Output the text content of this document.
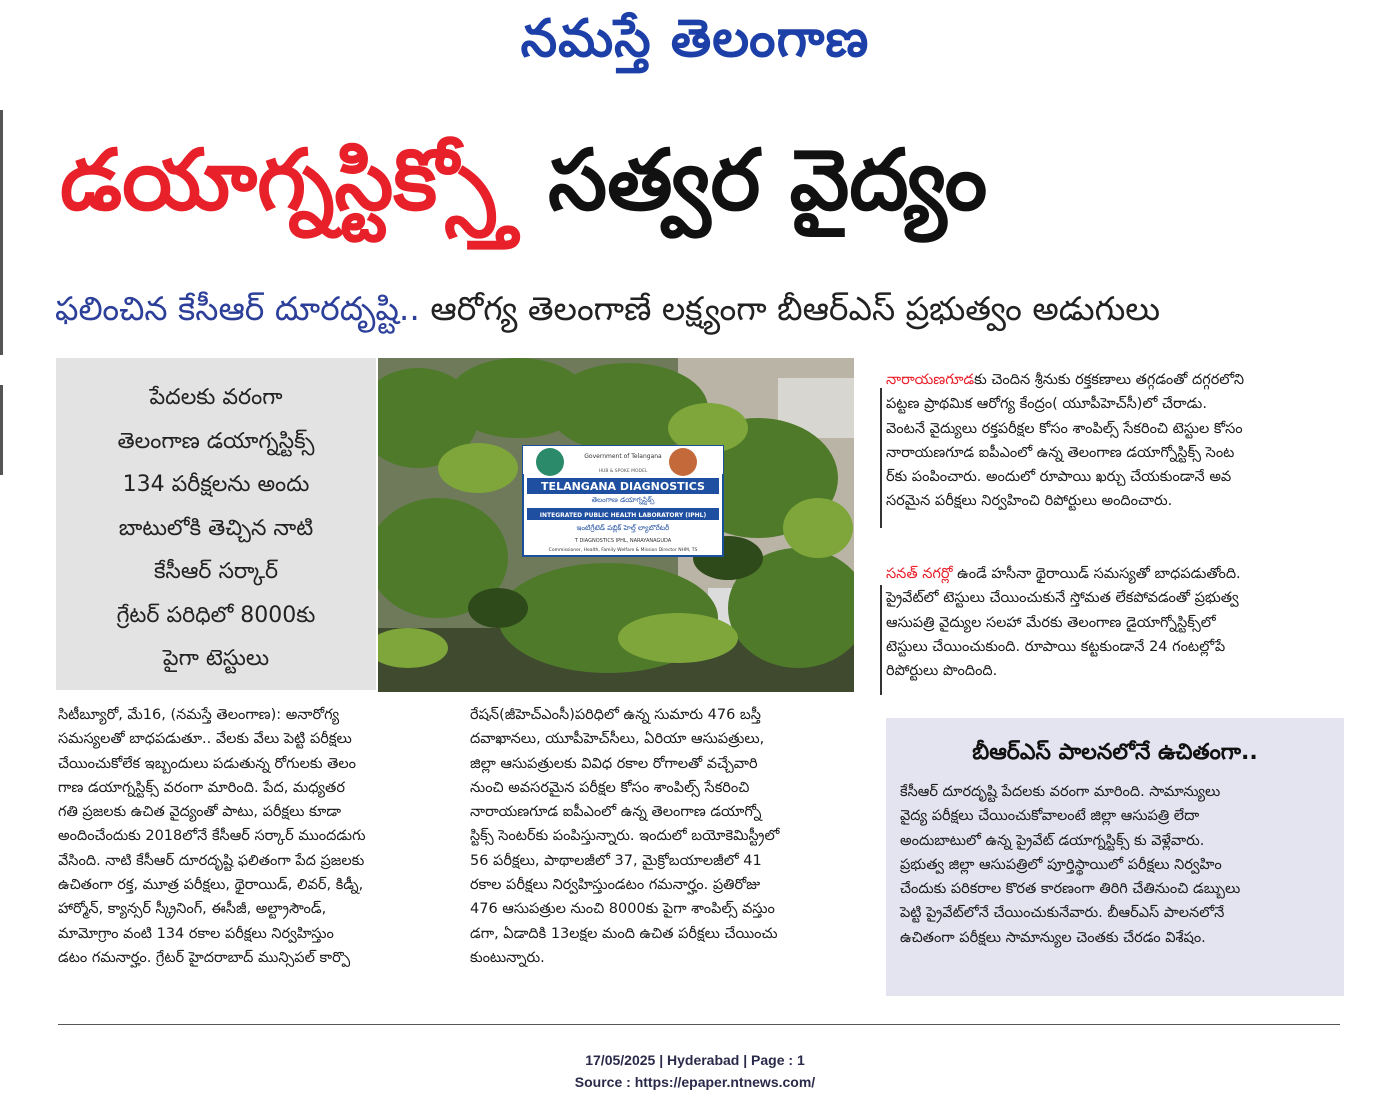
నమస్తే తెలంగాణ
డయాగ్నస్టిక్స్తో సత్వర వైద్యం
ఫలించిన కేసీఆర్ దూరదృష్టి.. ఆరోగ్య తెలంగాణే లక్ష్యంగా బీఆర్ఎస్ ప్రభుత్వం అడుగులు

పేదలకు వరంగా

తెలంగాణ డయాగ్నస్టిక్స్

134 పరీక్షలను అందు

బాటులోకి తెచ్చిన నాటి

కేసీఆర్ సర్కార్

గ్రేటర్ పరిధిలో 8000కు

పైగా టెస్టులు

Government of Telangana
TELANGANA DIAGNOSTICS
తెలంగాణ డయాగ్నస్టిక్స్
INTEGRATED PUBLIC HEALTH LABORATORY (IPHL)
ఇంటిగ్రేటెడ్ పబ్లిక్ హెల్త్ ల్యాబొరేటరీ
T DIAGNOSTICS IPHL, NARAYANAGUDA
Commissioner, Health, Family Welfare & Mission Director NHM, TS
HUB & SPOKE MODEL

సిటీబ్యూరో, మే16, (నమస్తే తెలంగాణ): అనారోగ్య

సమస్యలతో బాధపడుతూ.. వేలకు వేలు పెట్టి పరీక్షలు

చేయించుకోలేక ఇబ్బందులు పడుతున్న రోగులకు తెలం

గాణ డయాగ్నస్టిక్స్ వరంగా మారింది. పేద, మధ్యతర

గతి ప్రజలకు ఉచిత వైద్యంతో పాటు, పరీక్షలు కూడా

అందించేందుకు 2018లోనే కేసీఆర్ సర్కార్ ముందడుగు

వేసింది. నాటి కేసీఆర్ దూరదృష్టి ఫలితంగా పేద ప్రజలకు

ఉచితంగా రక్త, మూత్ర పరీక్షలు, థైరాయిడ్, లివర్, కిడ్నీ,

హార్మోన్, క్యాన్సర్ స్క్రీనింగ్, ఈసీజీ, అల్ట్రాసౌండ్,

మామోగ్రాం వంటి 134 రకాల పరీక్షలు నిర్వహిస్తుం

డటం గమనార్హం. గ్రేటర్ హైదరాబాద్ మున్సిపల్ కార్పొ

రేషన్(జీహెచ్ఎంసీ)పరిధిలో ఉన్న సుమారు 476 బస్తీ

దవాఖానలు, యూపీహెచ్‌సీలు, ఏరియా ఆసుపత్రులు,

జిల్లా ఆసుపత్రులకు వివిధ రకాల రోగాలతో వచ్చేవారి

నుంచి అవసరమైన పరీక్షల కోసం శాంపిల్స్ సేకరించి

నారాయణగూడ ఐపీఎంలో ఉన్న తెలంగాణ డయాగ్నో

స్టిక్స్ సెంటర్‌కు పంపిస్తున్నారు. ఇందులో బయోకెమిస్ట్రీలో

56 పరీక్షలు, పాథాలజీలో 37, మైక్రోబయాలజీలో 41

రకాల పరీక్షలు నిర్వహిస్తుండటం గమనార్హం. ప్రతిరోజు

476 ఆసుపత్రుల నుంచి 8000కు పైగా శాంపిల్స్ వస్తుం

డగా, ఏడాదికి 13లక్షల మంది ఉచిత పరీక్షలు చేయించు

కుంటున్నారు.

నారాయణగూడకు చెందిన శ్రీనుకు రక్తకణాలు తగ్గడంతో దగ్గరలోని

పట్టణ ప్రాథమిక ఆరోగ్య కేంద్రం( యూపీహెచ్‌సీ)లో చేరాడు.

వెంటనే వైద్యులు రక్తపరీక్షల కోసం శాంపిల్స్ సేకరించి టెస్టుల కోసం

నారాయణగూడ ఐపీఎంలో ఉన్న తెలంగాణ డయాగ్నోస్టిక్స్ సెంట

ర్‌కు పంపించారు. అందులో రూపాయి ఖర్చు చేయకుండానే అవ

సరమైన పరీక్షలు నిర్వహించి రిపోర్టులు అందించారు.

సనత్ నగర్లో ఉండే హసీనా థైరాయిడ్ సమస్యతో బాధపడుతోంది.

ప్రైవేట్‌లో టెస్టులు చేయించుకునే స్తోమత లేకపోవడంతో ప్రభుత్వ

ఆసుపత్రి వైద్యుల సలహా మేరకు తెలంగాణ డైయాగ్నోస్టిక్స్‌లో

టెస్టులు చేయించుకుంది. రూపాయి కట్టకుండానే 24 గంటల్లోపే

రిపోర్టులు పొందింది.

బీఆర్ఎస్ పాలనలోనే ఉచితంగా..

కేసీఆర్ దూరదృష్టి పేదలకు వరంగా మారింది. సామాన్యులు

వైద్య పరీక్షలు చేయించుకోవాలంటే జిల్లా ఆసుపత్రి లేదా

అందుబాటులో ఉన్న ప్రైవేట్ డయాగ్నస్టిక్స్ కు వెళ్లేవారు.

ప్రభుత్వ జిల్లా ఆసుపత్రిలో పూర్తిస్థాయిలో పరీక్షలు నిర్వహిం

చేందుకు పరికరాల కొరత కారణంగా తిరిగి చేతినుంచి డబ్బులు

పెట్టి ప్రైవేట్‌లోనే చేయించుకునేవారు. బీఆర్ఎస్ పాలనలోనే

ఉచితంగా పరీక్షలు సామాన్యుల చెంతకు చేరడం విశేషం.

17/05/2025 | Hyderabad | Page : 1
Source : https://epaper.ntnews.com/
